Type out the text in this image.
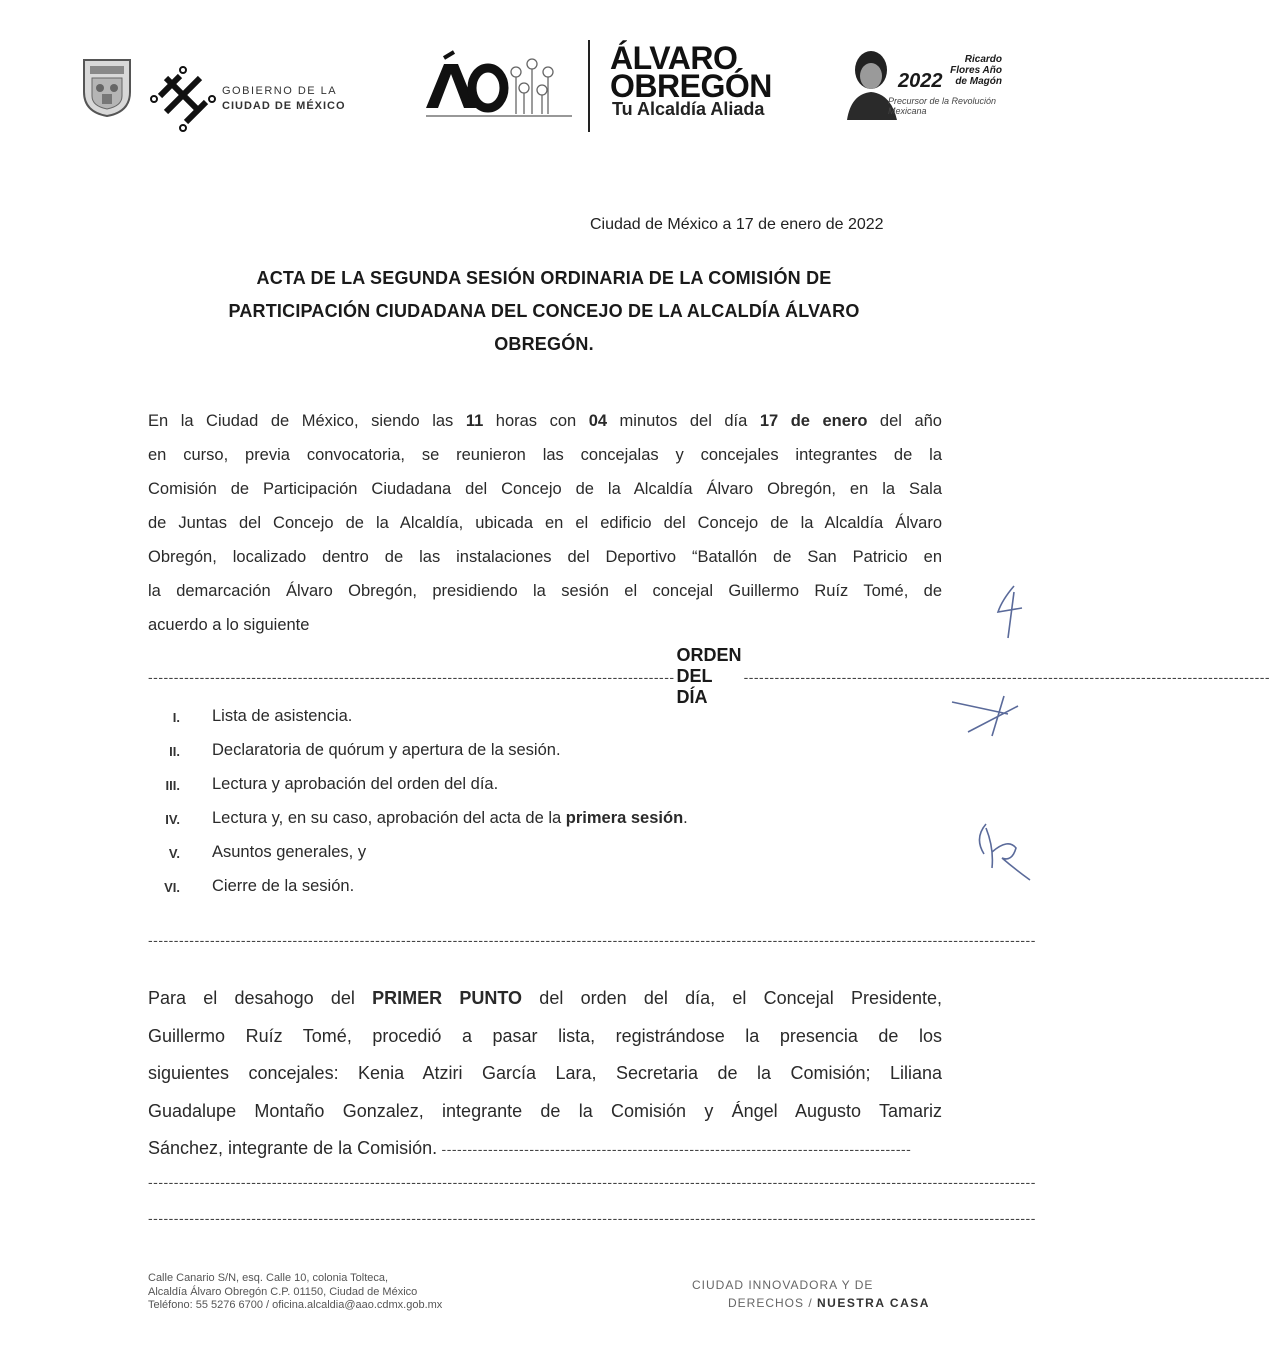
GOBIERNO DE LA
CIUDAD DE MÉXICO
ÁLVARO
OBREGÓN
Tu Alcaldía Aliada
2022
Ricardo Flores Año de Magón
Precursor de la Revolución Mexicana
Ciudad de México a 17 de enero de 2022
ACTA DE LA SEGUNDA SESIÓN ORDINARIA DE LA COMISIÓN DE
PARTICIPACIÓN CIUDADANA DEL CONCEJO DE LA ALCALDÍA ÁLVARO
OBREGÓN.
En la Ciudad de México, siendo las 11 horas con 04 minutos del día 17 de enero del año
en curso, previa convocatoria, se reunieron las concejalas y concejales integrantes de la
Comisión de Participación Ciudadana del Concejo de la Alcaldía Álvaro Obregón, en la Sala
de Juntas del Concejo de la Alcaldía, ubicada en el edificio del Concejo de la Alcaldía Álvaro
Obregón, localizado dentro de las instalaciones del Deportivo “Batallón de San Patricio en
la demarcación Álvaro Obregón, presidiendo la sesión el concejal Guillermo Ruíz Tomé, de
acuerdo a lo siguiente
------------------------------------------------------------------------------------------------------
ORDEN DEL DÍA
------------------------------------------------------------------------------------------------------
I. Lista de asistencia.
II. Declaratoria de quórum y apertura de la sesión.
III. Lectura y aprobación del orden del día.
IV. Lectura y, en su caso, aprobación del acta de la primera sesión.
V. Asuntos generales, y
VI. Cierre de la sesión.
----------------------------------------------------------------------------------------------------------------------------------------------------------------------------
Para el desahogo del PRIMER PUNTO del orden del día, el Concejal Presidente,
Guillermo Ruíz Tomé, procedió a pasar lista, registrándose la presencia de los
siguientes concejales: Kenia Atziri García Lara, Secretaria de la Comisión; Liliana
Guadalupe Montaño Gonzalez, integrante de la Comisión y Ángel Augusto Tamariz
Sánchez, integrante de la Comisión. -------------------------------------------------------------------------------------------
----------------------------------------------------------------------------------------------------------------------------------------------------------------------------
----------------------------------------------------------------------------------------------------------------------------------------------------------------------------
Calle Canario S/N, esq. Calle 10, colonia Tolteca,
Alcaldía Álvaro Obregón C.P. 01150, Ciudad de México
Teléfono: 55 5276 6700 / oficina.alcaldia@aao.cdmx.gob.mx
CIUDAD INNOVADORA Y DE
DERECHOS / NUESTRA CASA
